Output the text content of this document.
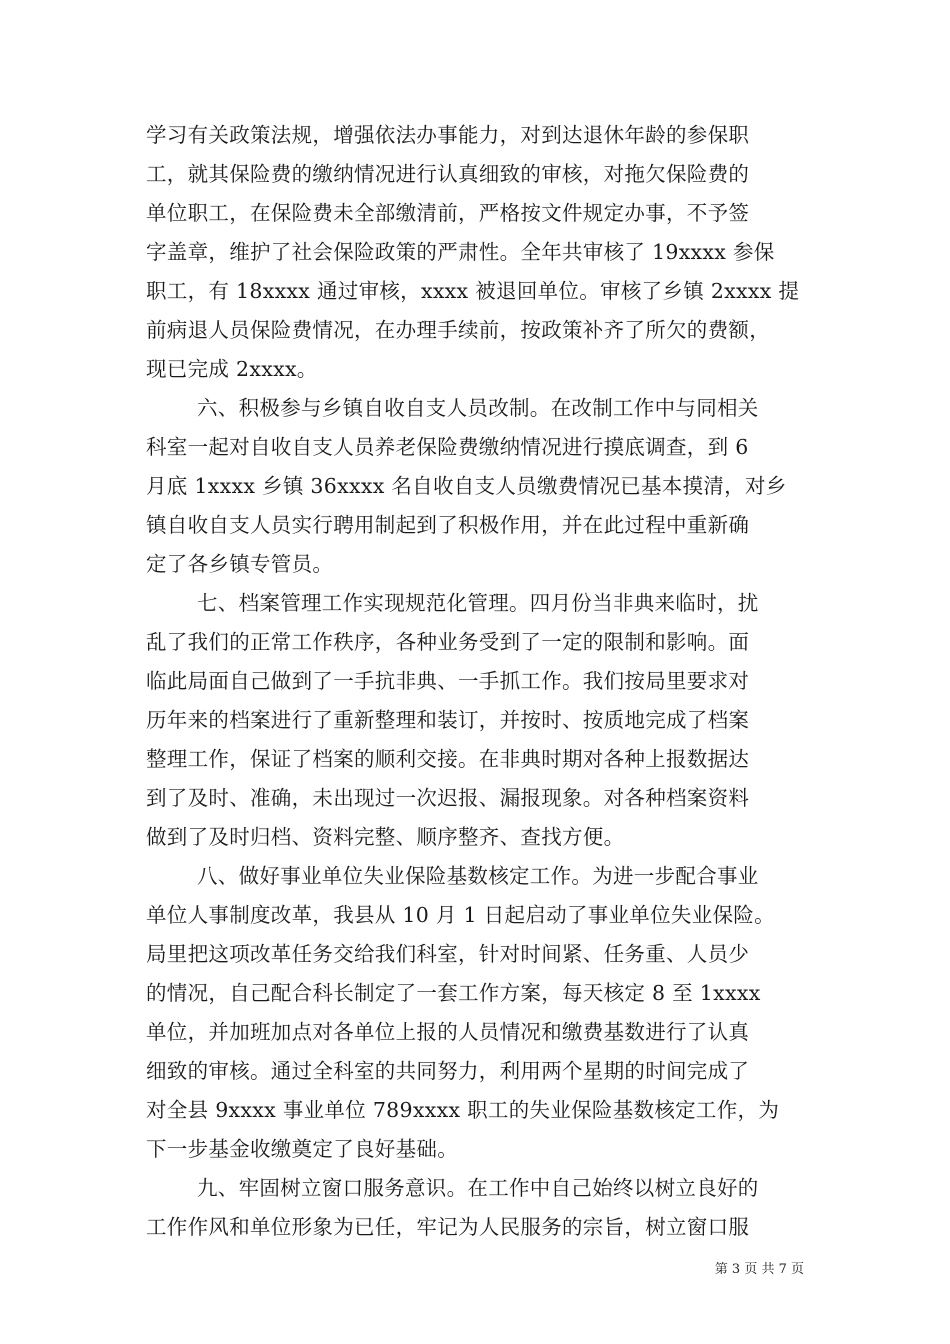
学习有关政策法规，增强依法办事能力，对到达退休年龄的参保职
工，就其保险费的缴纳情况进行认真细致的审核，对拖欠保险费的
单位职工，在保险费未全部缴清前，严格按文件规定办事，不予签
字盖章，维护了社会保险政策的严肃性。全年共审核了 19xxxx 参保
职工，有 18xxxx 通过审核，xxxx 被退回单位。审核了乡镇 2xxxx 提
前病退人员保险费情况，在办理手续前，按政策补齐了所欠的费额，
现已完成 2xxxx。
六、积极参与乡镇自收自支人员改制。在改制工作中与同相关
科室一起对自收自支人员养老保险费缴纳情况进行摸底调查，到 6
月底 1xxxx 乡镇 36xxxx 名自收自支人员缴费情况已基本摸清，对乡
镇自收自支人员实行聘用制起到了积极作用，并在此过程中重新确
定了各乡镇专管员。
七、档案管理工作实现规范化管理。四月份当非典来临时，扰
乱了我们的正常工作秩序，各种业务受到了一定的限制和影响。面
临此局面自己做到了一手抗非典、一手抓工作。我们按局里要求对
历年来的档案进行了重新整理和装订，并按时、按质地完成了档案
整理工作，保证了档案的顺利交接。在非典时期对各种上报数据达
到了及时、准确，未出现过一次迟报、漏报现象。对各种档案资料
做到了及时归档、资料完整、顺序整齐、查找方便。
八、做好事业单位失业保险基数核定工作。为进一步配合事业
单位人事制度改革，我县从 10 月 1 日起启动了事业单位失业保险。
局里把这项改革任务交给我们科室，针对时间紧、任务重、人员少
的情况，自己配合科长制定了一套工作方案，每天核定 8 至 1xxxx
单位，并加班加点对各单位上报的人员情况和缴费基数进行了认真
细致的审核。通过全科室的共同努力，利用两个星期的时间完成了
对全县 9xxxx 事业单位 789xxxx 职工的失业保险基数核定工作，为
下一步基金收缴奠定了良好基础。
九、牢固树立窗口服务意识。在工作中自己始终以树立良好的
工作作风和单位形象为已任，牢记为人民服务的宗旨，树立窗口服
第 3 页 共 7 页
